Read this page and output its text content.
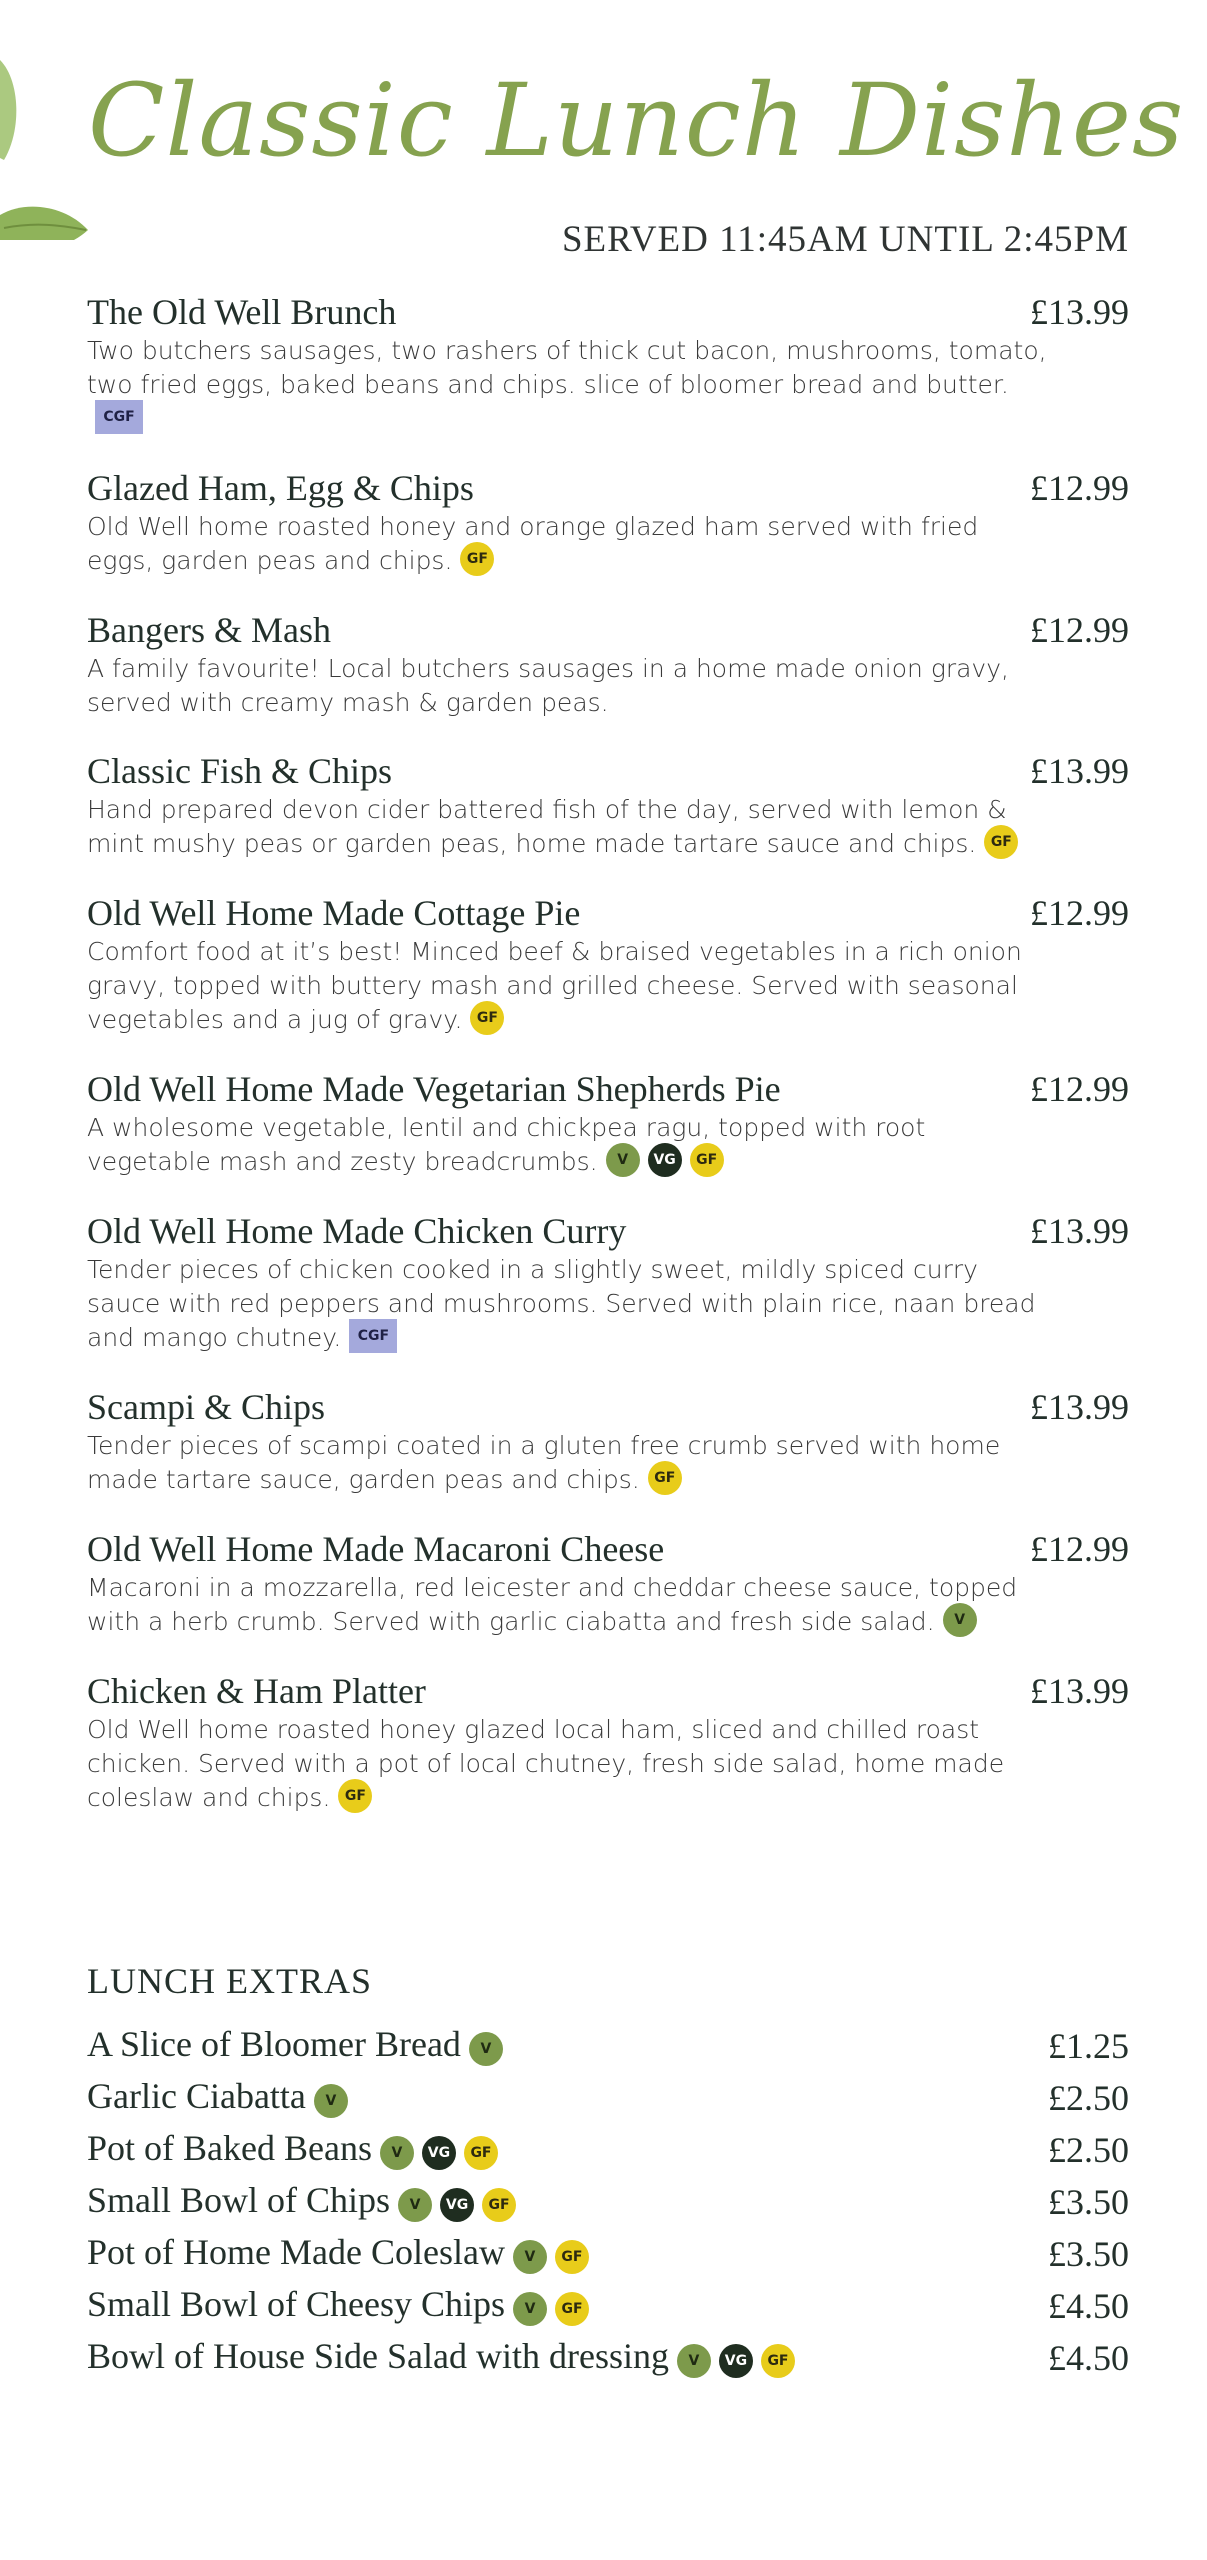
Classic Lunch Dishes

SERVED 11:45AM UNTIL 2:45PM

The Old Well Brunch	£13.99
Two butchers sausages, two rashers of thick cut bacon, mushrooms, tomato, two fried eggs, baked beans and chips. slice of bloomer bread and butter.CGF
Glazed Ham, Egg & Chips	£12.99
Old Well home roasted honey and orange glazed ham served with fried eggs, garden peas and chips. GF
Bangers & Mash	£12.99
A family favourite! Local butchers sausages in a home made onion gravy, served with creamy mash & garden peas.
Classic Fish & Chips	£13.99
Hand prepared devon cider battered fish of the day, served with lemon & mint mushy peas or garden peas, home made tartare sauce and chips. GF
Old Well Home Made Cottage Pie	£12.99
Comfort food at it’s best! Minced beef & braised vegetables in a rich onion gravy, topped with buttery mash and grilled cheese. Served with seasonal vegetables and a jug of gravy. GF
Old Well Home Made Vegetarian Shepherds Pie	£12.99
A wholesome vegetable, lentil and chickpea ragu, topped with root vegetable mash and zesty breadcrumbs. V VG GF
Old Well Home Made Chicken Curry	£13.99
Tender pieces of chicken cooked in a slightly sweet, mildly spiced curry sauce with red peppers and mushrooms. Served with plain rice, naan bread and mango chutney. CGF
Scampi & Chips	£13.99
Tender pieces of scampi coated in a gluten free crumb served with home made tartare sauce, garden peas and chips. GF
Old Well Home Made Macaroni Cheese	£12.99
Macaroni in a mozzarella, red leicester and cheddar cheese sauce, topped with a herb crumb. Served with garlic ciabatta and fresh side salad. V
Chicken & Ham Platter	£13.99
Old Well home roasted honey glazed local ham, sliced and chilled roast chicken. Served with a pot of local chutney, fresh side salad, home made coleslaw and chips. GF
LUNCH EXTRAS
A Slice of Bloomer Bread V	£1.25
Garlic Ciabatta V	£2.50
Pot of Baked Beans V VG GF	£2.50
Small Bowl of Chips V VG GF	£3.50
Pot of Home Made Coleslaw V GF	£3.50
Small Bowl of Cheesy Chips V GF	£4.50
Bowl of House Side Salad with dressing V VG GF	£4.50
